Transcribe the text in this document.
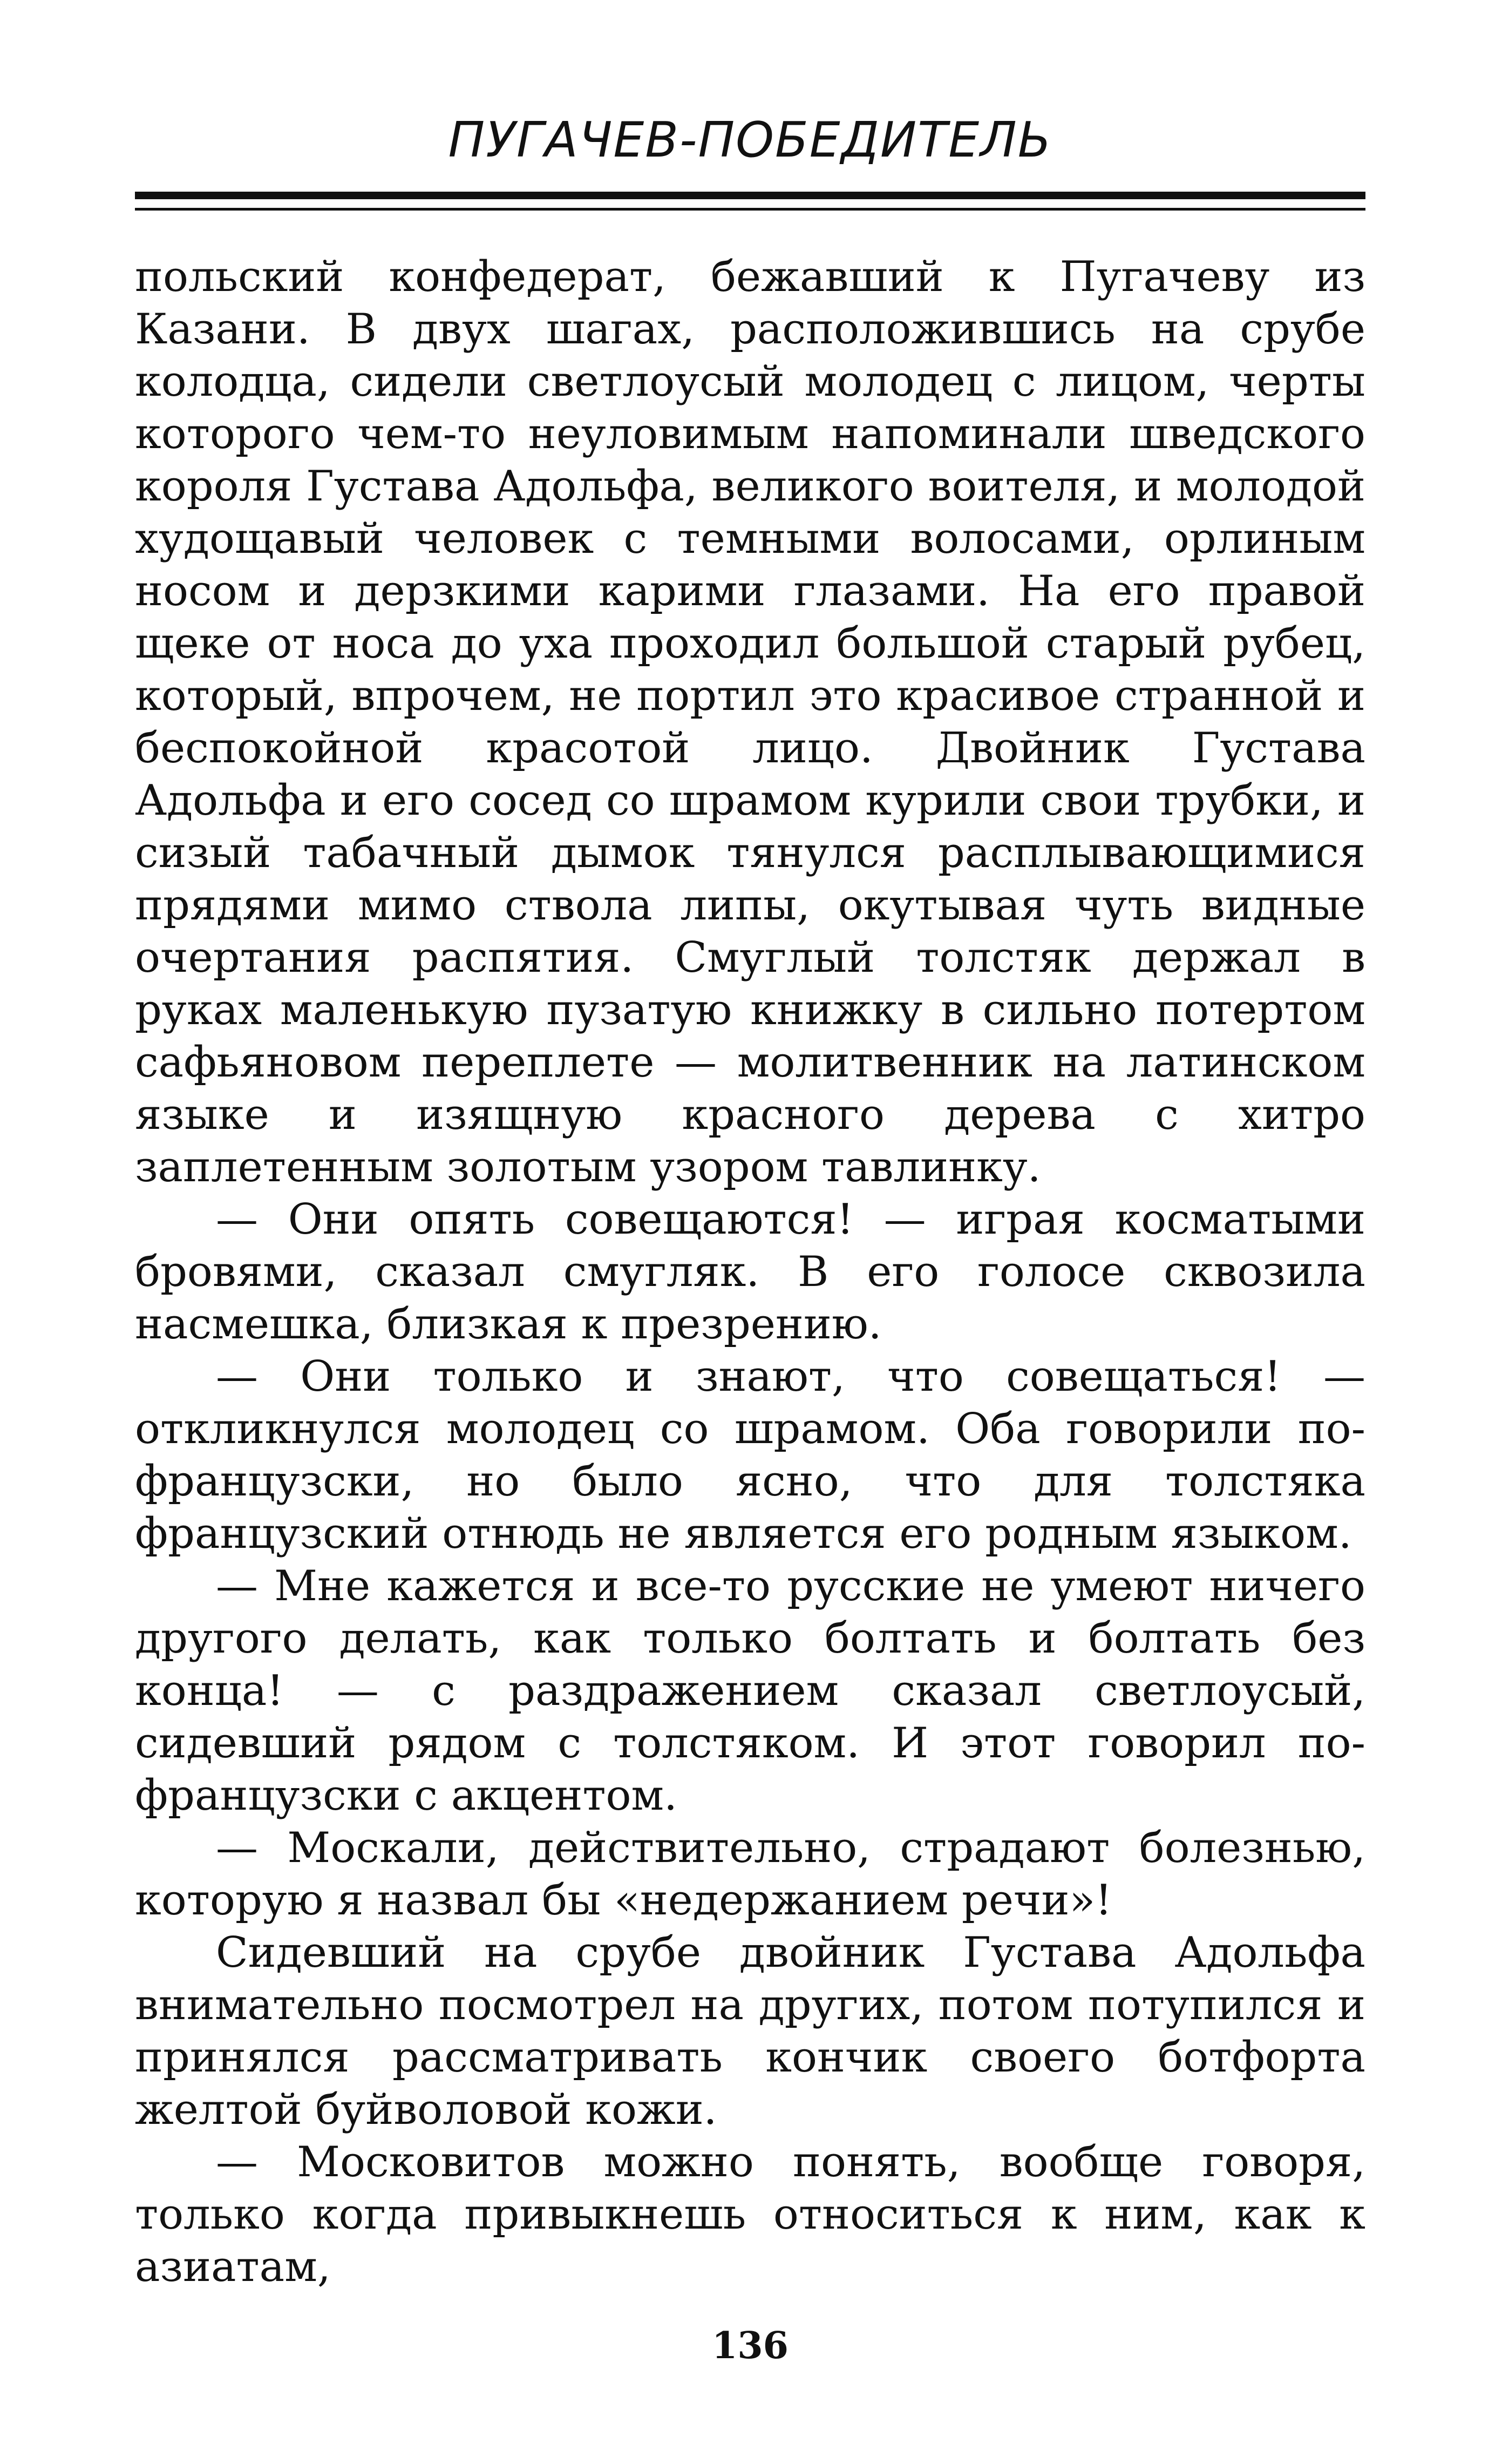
ПУГАЧЕВ-ПОБЕДИТЕЛЬ

польский конфедерат, бежавший к Пугачеву из Казани. В двух шагах, расположившись на срубе колодца, сидели светлоусый молодец с лицом, черты которого чем-то неуловимым напоминали шведского короля Густава Адольфа, великого воителя, и молодой худощавый человек с темными волосами, орлиным носом и дерзкими карими глазами. На его правой щеке от носа до уха проходил большой старый рубец, который, впрочем, не портил это красивое странной и беспокойной красотой лицо. Двойник Густава Адольфа и его сосед со шрамом курили свои трубки, и сизый табачный дымок тянулся расплывающимися прядями мимо ствола липы, окутывая чуть видные очертания распятия. Смуглый толстяк держал в руках маленькую пузатую книжку в сильно потертом сафьяновом переплете — молитвенник на латинском языке и изящную красного дерева с хитро заплетенным золотым узором тавлинку.

— Они опять совещаются! — играя косматыми бровями, сказал смугляк. В его голосе сквозила насмешка, близкая к презрению.

— Они только и знают, что совещаться! — откликнулся молодец со шрамом. Оба говорили по-французски, но было ясно, что для толстяка французский отнюдь не является его родным языком.

— Мне кажется и все-то русские не умеют ничего другого делать, как только болтать и болтать без конца! — с раздражением сказал светлоусый, сидевший рядом с толстяком. И этот говорил по-французски с акцентом.

— Москали, действительно, страдают болезнью, которую я назвал бы «недержанием речи»!

Сидевший на срубе двойник Густава Адольфа внимательно посмотрел на других, потом потупился и принялся рассматривать кончик своего ботфорта желтой буйволовой кожи.

— Московитов можно понять, вообще говоря, только когда привыкнешь относиться к ним, как к азиатам,

136
